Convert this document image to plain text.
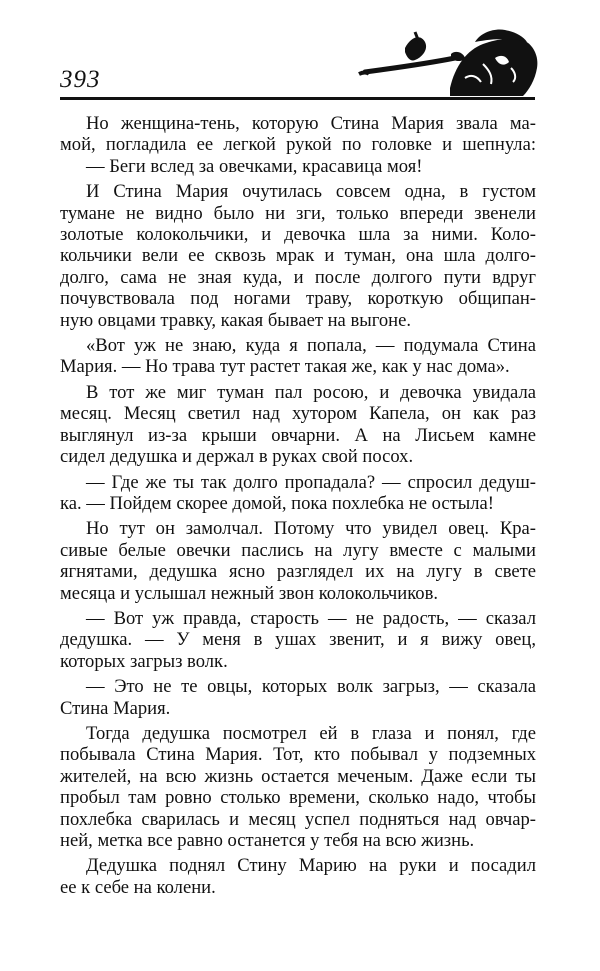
393

Но женщина-тень, которую Стина Мария звала ма-

мой, погладила ее легкой рукой по головке и шепнула:

— Беги вслед за овечками, красавица моя!

И Стина Мария очутилась совсем одна, в густом

тумане не видно было ни зги, только впереди звенели

золотые колокольчики, и девочка шла за ними. Коло-

кольчики вели ее сквозь мрак и туман, она шла долго-

долго, сама не зная куда, и после долгого пути вдруг

почувствовала под ногами траву, короткую общипан-

ную овцами травку, какая бывает на выгоне.

«Вот уж не знаю, куда я попала, — подумала Стина

Мария. — Но трава тут растет такая же, как у нас дома».

В тот же миг туман пал росою, и девочка увидала

месяц. Месяц светил над хутором Капела, он как раз

выглянул из-за крыши овчарни. А на Лисьем камне

сидел дедушка и держал в руках свой посох.

— Где же ты так долго пропадала? — спросил дедуш-

ка. — Пойдем скорее домой, пока похлебка не остыла!

Но тут он замолчал. Потому что увидел овец. Кра-

сивые белые овечки паслись на лугу вместе с малыми

ягнятами, дедушка ясно разглядел их на лугу в свете

месяца и услышал нежный звон колокольчиков.

— Вот уж правда, старость — не радость, — сказал

дедушка. — У меня в ушах звенит, и я вижу овец,

которых загрыз волк.

— Это не те овцы, которых волк загрыз, — сказала

Стина Мария.

Тогда дедушка посмотрел ей в глаза и понял, где

побывала Стина Мария. Тот, кто побывал у подземных

жителей, на всю жизнь остается меченым. Даже если ты

пробыл там ровно столько времени, сколько надо, чтобы

похлебка сварилась и месяц успел подняться над овчар-

ней, метка все равно останется у тебя на всю жизнь.

Дедушка поднял Стину Марию на руки и посадил

ее к себе на колени.
